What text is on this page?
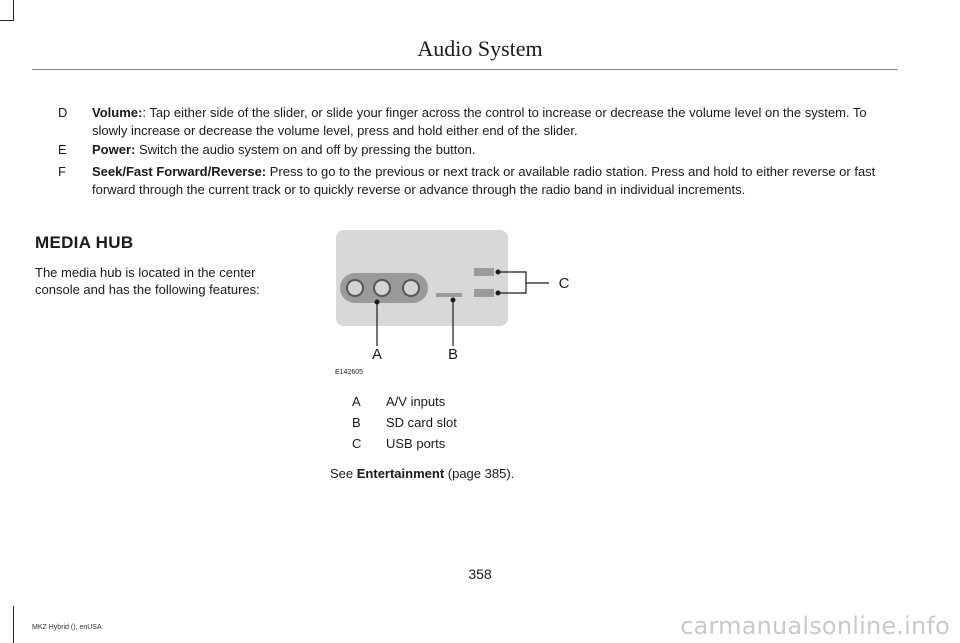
Audio System
D	Volume:: Tap either side of the slider, or slide your finger across the control to increase or decrease the volume level on the system. To slowly increase or decrease the volume level, press and hold either end of the slider.
E	Power: Switch the audio system on and off by pressing the button.
F	Seek/Fast Forward/Reverse: Press to go to the previous or next track or available radio station. Press and hold to either reverse or fast forward through the current track or to quickly reverse or advance through the radio band in individual increments.
MEDIA HUB
The media hub is located in the center console and has the following features:
A	B
C
E142605
A A/V inputs
B SD card slot
C USB ports
See Entertainment (page 385).
358
MKZ Hybrid (), enUSA	carmanualsonline.info
